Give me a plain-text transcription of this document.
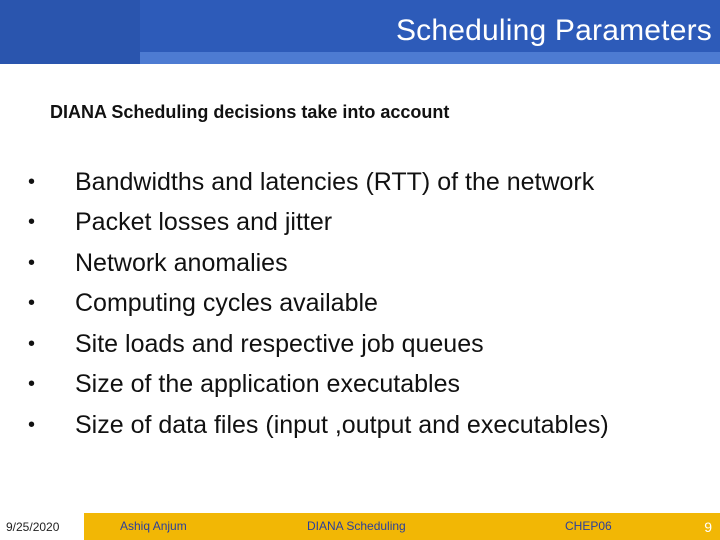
Scheduling Parameters
DIANA Scheduling decisions take into account
•	Bandwidths and latencies (RTT) of the network
•	Packet losses and jitter
•	Network anomalies
•	Computing cycles available
•	Site loads and respective job queues
•	Size of the application executables
•	Size of data files (input ,output and executables)
9/25/2020	Ashiq Anjum	DIANA Scheduling	CHEP06	9
